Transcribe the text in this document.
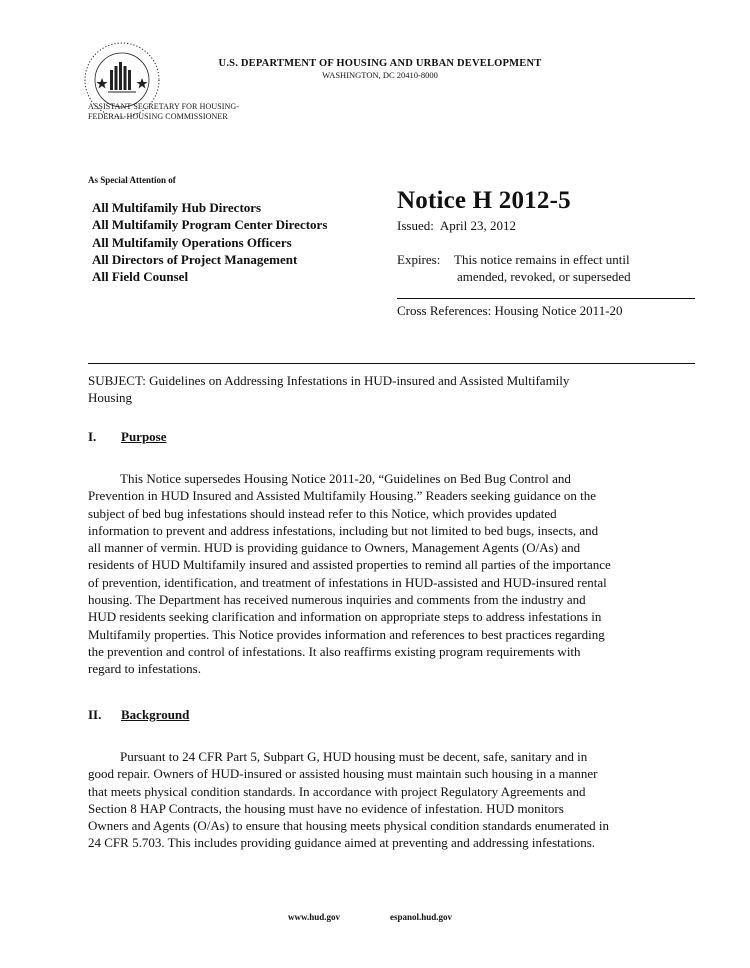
U.S. DEPARTMENT OF HOUSING AND URBAN DEVELOPMENT
WASHINGTON, DC 20410-8000
ASSISTANT SECRETARY FOR HOUSING-
FEDERAL HOUSING COMMISSIONER
As Special Attention of
All Multifamily Hub Directors
All Multifamily Program Center Directors
All Multifamily Operations Officers
All Directors of Project Management
All Field Counsel
Notice H 2012-5
Issued: April 23, 2012
Expires: This notice remains in effect until
amended, revoked, or superseded
Cross References: Housing Notice 2011-20
SUBJECT: Guidelines on Addressing Infestations in HUD-insured and Assisted Multifamily
Housing
I. Purpose
This Notice supersedes Housing Notice 2011-20, “Guidelines on Bed Bug Control and
Prevention in HUD Insured and Assisted Multifamily Housing.” Readers seeking guidance on the
subject of bed bug infestations should instead refer to this Notice, which provides updated
information to prevent and address infestations, including but not limited to bed bugs, insects, and
all manner of vermin. HUD is providing guidance to Owners, Management Agents (O/As) and
residents of HUD Multifamily insured and assisted properties to remind all parties of the importance
of prevention, identification, and treatment of infestations in HUD-assisted and HUD-insured rental
housing. The Department has received numerous inquiries and comments from the industry and
HUD residents seeking clarification and information on appropriate steps to address infestations in
Multifamily properties. This Notice provides information and references to best practices regarding
the prevention and control of infestations. It also reaffirms existing program requirements with
regard to infestations.
II. Background
Pursuant to 24 CFR Part 5, Subpart G, HUD housing must be decent, safe, sanitary and in
good repair. Owners of HUD-insured or assisted housing must maintain such housing in a manner
that meets physical condition standards. In accordance with project Regulatory Agreements and
Section 8 HAP Contracts, the housing must have no evidence of infestation. HUD monitors
Owners and Agents (O/As) to ensure that housing meets physical condition standards enumerated in
24 CFR 5.703. This includes providing guidance aimed at preventing and addressing infestations.
www.hud.gov	espanol.hud.gov
